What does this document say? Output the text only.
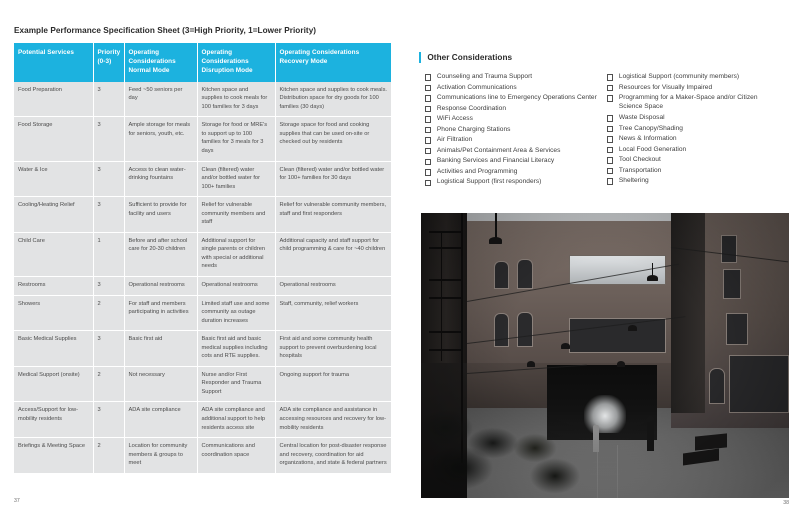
Example Performance Specification Sheet (3=High Priority, 1=Lower Priority)
Potential Services	Priority (0-3)	Operating Considerations Normal Mode	Operating Considerations Disruption Mode	Operating Considerations Recovery Mode
Food Preparation	3	Feed ~50 seniors per day	Kitchen space and supplies to cook meals for 100 families for 3 days	Kitchen space and supplies to cook meals. Distribution space for dry goods for 100 families (30 days)
Food Storage	3	Ample storage for meals for seniors, youth, etc.	Storage for food or MRE's to support up to 100 families for 3 meals for 3 days	Storage space for food and cooking supplies that can be used on-site or checked out by residents
Water & Ice	3	Access to clean water- drinking fountains	Clean (filtered) water and/or bottled water for 100+ families	Clean (filtered) water and/or bottled water for 100+ families for 30 days
Cooling/Heating Relief	3	Sufficient to provide for facility and users	Relief for vulnerable community members and staff	Relief for vulnerable community members, staff and first responders
Child Care	1	Before and after school care for 20-30 children	Additional support for single parents or children with special or additional needs	Additional capacity and staff support for child programming & care for ~40 children
Restrooms	3	Operational restrooms	Operational restrooms	Operational restrooms
Showers	2	For staff and members participating in activities	Limited staff use and some community as outage duration increases	Staff, community, relief workers
Basic Medical Supplies	3	Basic first aid	Basic first aid and basic medical supplies including cots and RTE supplies.	First aid and some community health support to prevent overburdening local hospitals
Medical Support (onsite)	2	Not necessary	Nurse and/or First Responder and Trauma Support	Ongoing support for trauma
Access/Support for low-mobility residents	3	ADA site compliance	ADA site compliance and additional support to help residents access site	ADA site compliance and assistance in accessing resources and recovery for low-mobility residents
Briefings & Meeting Space	2	Location for community members & groups to meet	Communications and coordination space	Central location for post-disaster response and recovery, coordination for aid organizations, and state & federal partners
37
Other Considerations
Counseling and Trauma Support
Activation Communications
Communications line to Emergency Operations Center
Response Coordination
WiFi Access
Phone Charging Stations
Air Filtration
Animals/Pet Containment Area & Services
Banking Services and Financial Literacy
Activities and Programming
Logistical Support (first responders)
Logistical Support (community members)
Resources for Visually Impaired
Programming for a Maker-Space and/or Citizen Science Space
Waste Disposal
Tree Canopy/Shading
News & Information
Local Food Generation
Tool Checkout
Transportation
Sheltering
38
